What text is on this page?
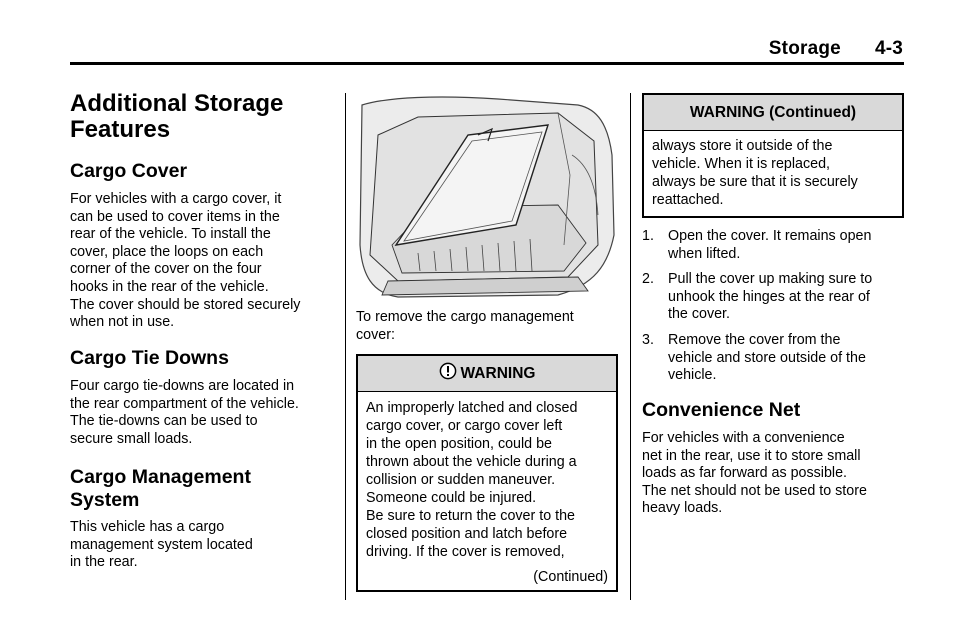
Storage 4-3
Additional Storage
Features
Cargo Cover

For vehicles with a cargo cover, it
can be used to cover items in the
rear of the vehicle. To install the
cover, place the loops on each
corner of the cover on the four
hooks in the rear of the vehicle.
The cover should be stored securely
when not in use.

Cargo Tie Downs

Four cargo tie-downs are located in
the rear compartment of the vehicle.
The tie-downs can be used to
secure small loads.

Cargo Management
System

This vehicle has a cargo
management system located
in the rear.

To remove the cargo management
cover:

WARNING

An improperly latched and closed
cargo cover, or cargo cover left
in the open position, could be
thrown about the vehicle during a
collision or sudden maneuver.
Someone could be injured.
Be sure to return the cover to the
closed position and latch before
driving. If the cover is removed,

(Continued)
WARNING (Continued)

always store it outside of the
vehicle. When it is replaced,
always be sure that it is securely
reattached.

1. Open the cover. It remains open
when lifted.
2. Pull the cover up making sure to
unhook the hinges at the rear of
the cover.
3. Remove the cover from the
vehicle and store outside of the
vehicle.
Convenience Net

For vehicles with a convenience
net in the rear, use it to store small
loads as far forward as possible.
The net should not be used to store
heavy loads.
